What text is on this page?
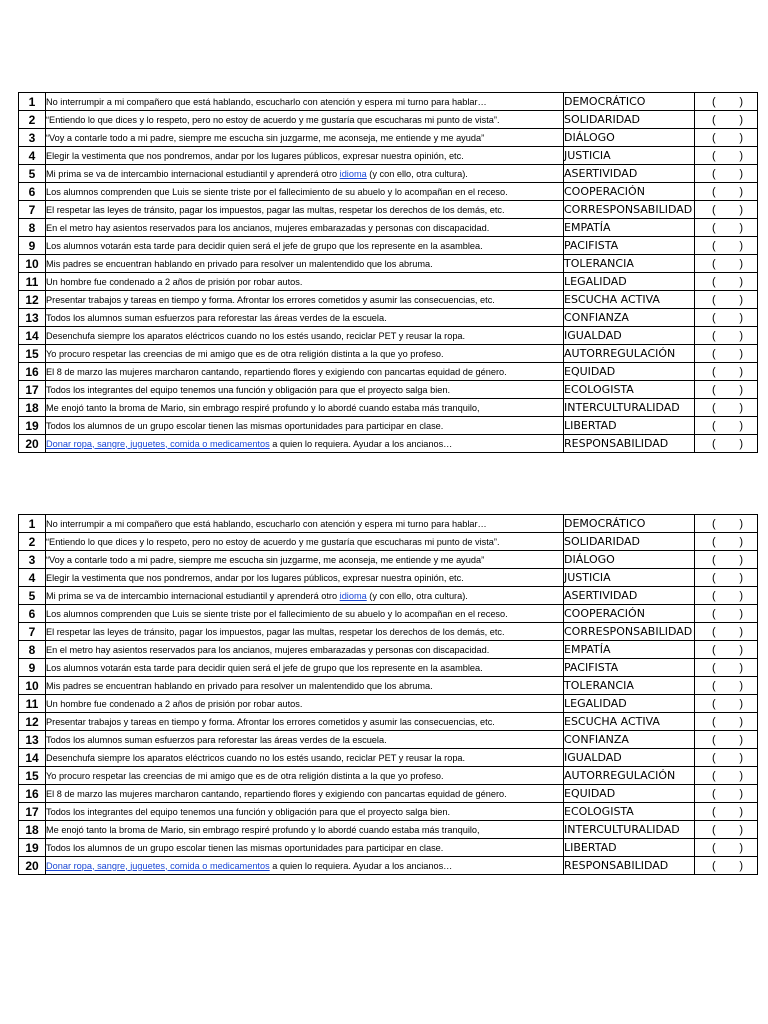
1	No interrumpir a mi compañero que está hablando, escucharlo con atención y espera mi turno para hablar…	DEMOCRÁTICO	( )

2	“Entiendo lo que dices y lo respeto, pero no estoy de acuerdo y me gustaría que escucharas mi punto de vista”.	SOLIDARIDAD	( )

3	“Voy a contarle todo a mi padre, siempre me escucha sin juzgarme, me aconseja, me entiende y me ayuda”	DIÁLOGO	( )

4	Elegir la vestimenta que nos pondremos, andar por los lugares públicos, expresar nuestra opinión, etc.	JUSTICIA	( )

5	Mi prima se va de intercambio internacional estudiantil y aprenderá otro idioma (y con ello, otra cultura).	ASERTIVIDAD	( )

6	Los alumnos comprenden que Luis se siente triste por el fallecimiento de su abuelo y lo acompañan en el receso.	COOPERACIÓN	( )

7	El respetar las leyes de tránsito, pagar los impuestos, pagar las multas, respetar los derechos de los demás, etc.	CORRESPONSABILIDAD	( )

8	En el metro hay asientos reservados para los ancianos, mujeres embarazadas y personas con discapacidad.	EMPATÍA	( )

9	Los alumnos votarán esta tarde para decidir quien será el jefe de grupo que los represente en la asamblea.	PACIFISTA	( )

10	Mis padres se encuentran hablando en privado para resolver un malentendido que los abruma.	TOLERANCIA	( )

11	Un hombre fue condenado a 2 años de prisión por robar autos.	LEGALIDAD	( )

12	Presentar trabajos y tareas en tiempo y forma. Afrontar los errores cometidos y asumir las consecuencias, etc.	ESCUCHA ACTIVA	( )

13	Todos los alumnos suman esfuerzos para reforestar las áreas verdes de la escuela.	CONFIANZA	( )

14	Desenchufa siempre los aparatos eléctricos cuando no los estés usando, reciclar PET y reusar la ropa.	IGUALDAD	( )

15	Yo procuro respetar las creencias de mi amigo que es de otra religión distinta a la que yo profeso.	AUTORREGULACIÓN	( )

16	El 8 de marzo las mujeres marcharon cantando, repartiendo flores y exigiendo con pancartas equidad de género.	EQUIDAD	( )

17	Todos los integrantes del equipo tenemos una función y obligación para que el proyecto salga bien.	ECOLOGISTA	( )

18	Me enojó tanto la broma de Mario, sin embrago respiré profundo y lo abordé cuando estaba más tranquilo,	INTERCULTURALIDAD	( )

19	Todos los alumnos de un grupo escolar tienen las mismas oportunidades para participar en clase.	LIBERTAD	( )

20	Donar ropa, sangre, juguetes, comida o medicamentos a quien lo requiera. Ayudar a los ancianos…	RESPONSABILIDAD	( )
1	No interrumpir a mi compañero que está hablando, escucharlo con atención y espera mi turno para hablar…	DEMOCRÁTICO	( )

2	“Entiendo lo que dices y lo respeto, pero no estoy de acuerdo y me gustaría que escucharas mi punto de vista”.	SOLIDARIDAD	( )

3	“Voy a contarle todo a mi padre, siempre me escucha sin juzgarme, me aconseja, me entiende y me ayuda”	DIÁLOGO	( )

4	Elegir la vestimenta que nos pondremos, andar por los lugares públicos, expresar nuestra opinión, etc.	JUSTICIA	( )

5	Mi prima se va de intercambio internacional estudiantil y aprenderá otro idioma (y con ello, otra cultura).	ASERTIVIDAD	( )

6	Los alumnos comprenden que Luis se siente triste por el fallecimiento de su abuelo y lo acompañan en el receso.	COOPERACIÓN	( )

7	El respetar las leyes de tránsito, pagar los impuestos, pagar las multas, respetar los derechos de los demás, etc.	CORRESPONSABILIDAD	( )

8	En el metro hay asientos reservados para los ancianos, mujeres embarazadas y personas con discapacidad.	EMPATÍA	( )

9	Los alumnos votarán esta tarde para decidir quien será el jefe de grupo que los represente en la asamblea.	PACIFISTA	( )

10	Mis padres se encuentran hablando en privado para resolver un malentendido que los abruma.	TOLERANCIA	( )

11	Un hombre fue condenado a 2 años de prisión por robar autos.	LEGALIDAD	( )

12	Presentar trabajos y tareas en tiempo y forma. Afrontar los errores cometidos y asumir las consecuencias, etc.	ESCUCHA ACTIVA	( )

13	Todos los alumnos suman esfuerzos para reforestar las áreas verdes de la escuela.	CONFIANZA	( )

14	Desenchufa siempre los aparatos eléctricos cuando no los estés usando, reciclar PET y reusar la ropa.	IGUALDAD	( )

15	Yo procuro respetar las creencias de mi amigo que es de otra religión distinta a la que yo profeso.	AUTORREGULACIÓN	( )

16	El 8 de marzo las mujeres marcharon cantando, repartiendo flores y exigiendo con pancartas equidad de género.	EQUIDAD	( )

17	Todos los integrantes del equipo tenemos una función y obligación para que el proyecto salga bien.	ECOLOGISTA	( )

18	Me enojó tanto la broma de Mario, sin embrago respiré profundo y lo abordé cuando estaba más tranquilo,	INTERCULTURALIDAD	( )

19	Todos los alumnos de un grupo escolar tienen las mismas oportunidades para participar en clase.	LIBERTAD	( )

20	Donar ropa, sangre, juguetes, comida o medicamentos a quien lo requiera. Ayudar a los ancianos…	RESPONSABILIDAD	( )
